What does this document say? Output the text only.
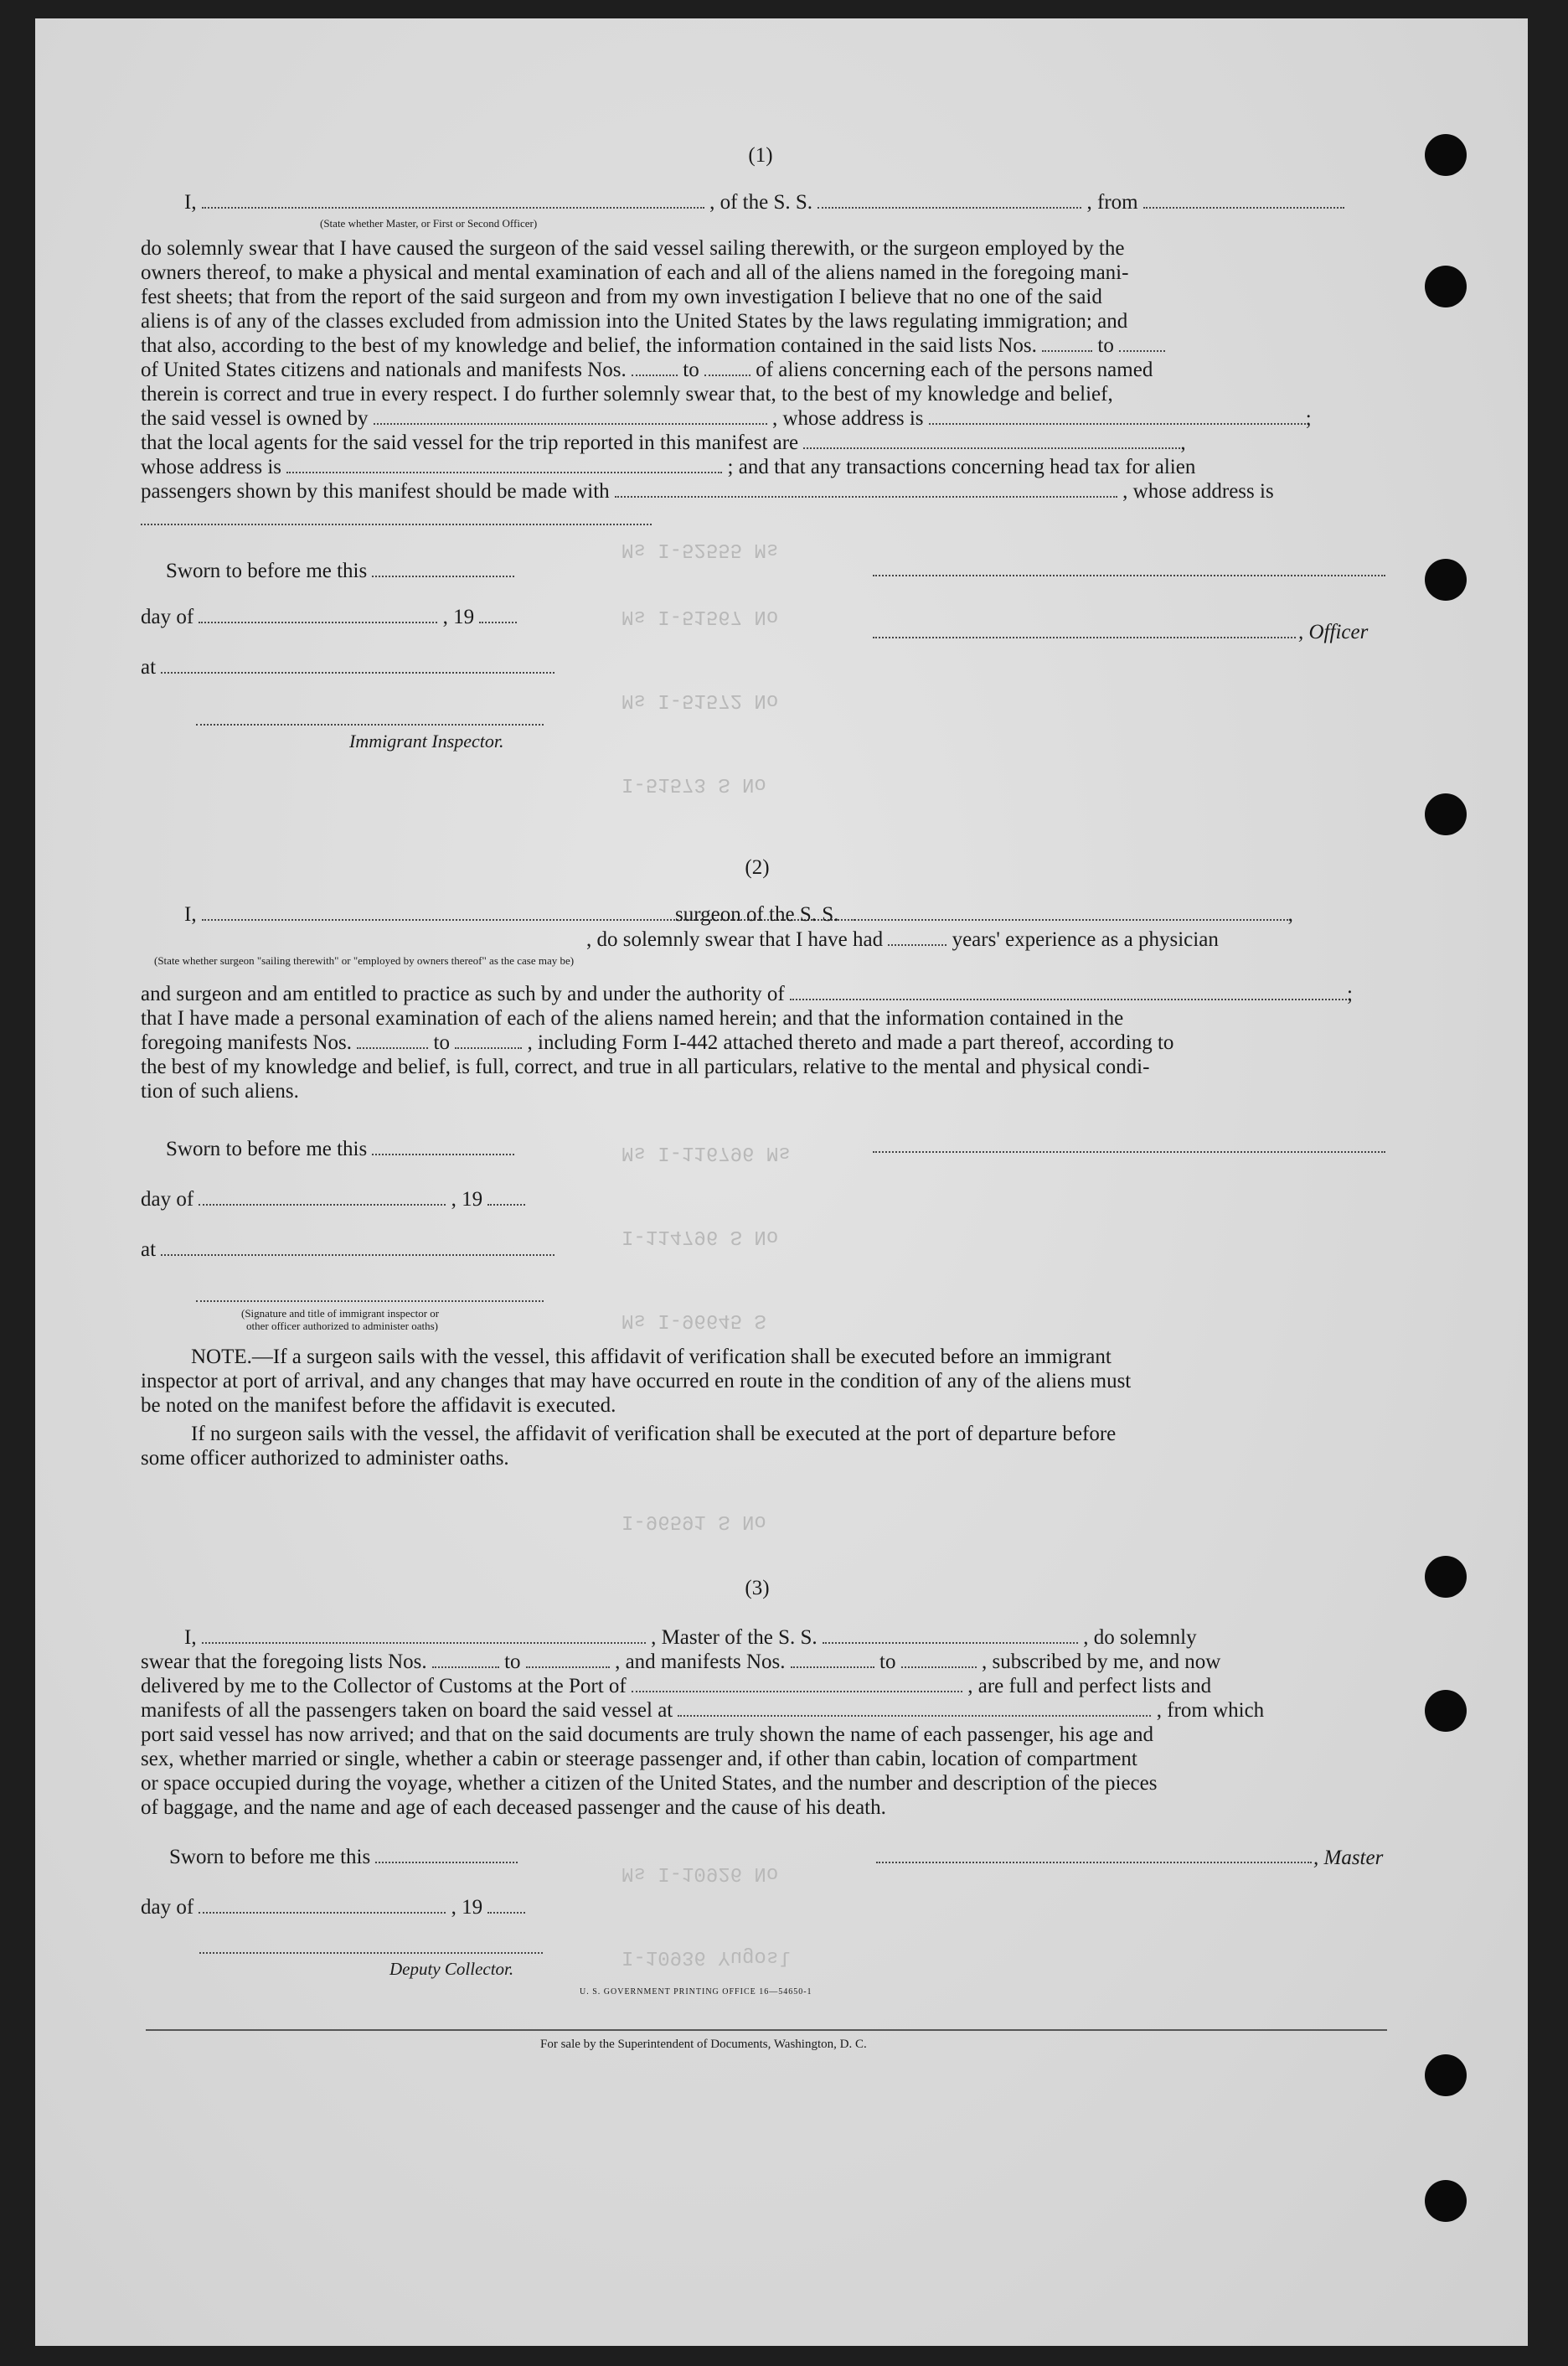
Ms I-52555 Ms
Ms I-51567 No
Ms I-51572 No
I-51573 S No
Ms I-116796 Ms
I-114796 S No
Ms I-96645 S
I-96591 S No
Ms I-10926 No
I-10936 Yugosl
(1)
I,	, of the S. S.	, from
(State whether Master, or First or Second Officer)
do solemnly swear that I have caused the surgeon of the said vessel sailing therewith, or the surgeon employed by the
owners thereof, to make a physical and mental examination of each and all of the aliens named in the foregoing mani-
fest sheets; that from the report of the said surgeon and from my own investigation I believe that no one of the said
aliens is of any of the classes excluded from admission into the United States by the laws regulating immigration; and
that also, according to the best of my knowledge and belief, the information contained in the said lists Nos.	to
of United States citizens and nationals and manifests Nos.	to	of aliens concerning each of the persons named
therein is correct and true in every respect. I do further solemnly swear that, to the best of my knowledge and belief,
the said vessel is owned by	, whose address is	;
that the local agents for the said vessel for the trip reported in this manifest are	,
whose address is	; and that any transactions concerning head tax for alien
passengers shown by this manifest should be made with	, whose address is
Sworn to before me this
day of	, 19
, Officer
at
Immigrant Inspector.
(2)
I,	surgeon of the S. S.	,
, do solemnly swear that I have had	years' experience as a physician
(State whether surgeon "sailing therewith" or "employed by owners thereof" as the case may be)
and surgeon and am entitled to practice as such by and under the authority of	;
that I have made a personal examination of each of the aliens named herein; and that the information contained in the
foregoing manifests Nos.	to	, including Form I-442 attached thereto and made a part thereof, according to
the best of my knowledge and belief, is full, correct, and true in all particulars, relative to the mental and physical condi-
tion of such aliens.
Sworn to before me this
day of	, 19
at
(Signature and title of immigrant inspector or
other officer authorized to administer oaths)
NOTE.—If a surgeon sails with the vessel, this affidavit of verification shall be executed before an immigrant
inspector at port of arrival, and any changes that may have occurred en route in the condition of any of the aliens must
be noted on the manifest before the affidavit is executed.
If no surgeon sails with the vessel, the affidavit of verification shall be executed at the port of departure before
some officer authorized to administer oaths.
(3)
I,	, Master of the S. S.	, do solemnly
swear that the foregoing lists Nos.	to	, and manifests Nos.	to	, subscribed by me, and now
delivered by me to the Collector of Customs at the Port of	, are full and perfect lists and
manifests of all the passengers taken on board the said vessel at	, from which
port said vessel has now arrived; and that on the said documents are truly shown the name of each passenger, his age and
sex, whether married or single, whether a cabin or steerage passenger and, if other than cabin, location of compartment
or space occupied during the voyage, whether a citizen of the United States, and the number and description of the pieces
of baggage, and the name and age of each deceased passenger and the cause of his death.
Sworn to before me this	, Master
day of	, 19
Deputy Collector.
U. S. GOVERNMENT PRINTING OFFICE 16—54650-1
For sale by the Superintendent of Documents, Washington, D. C.
